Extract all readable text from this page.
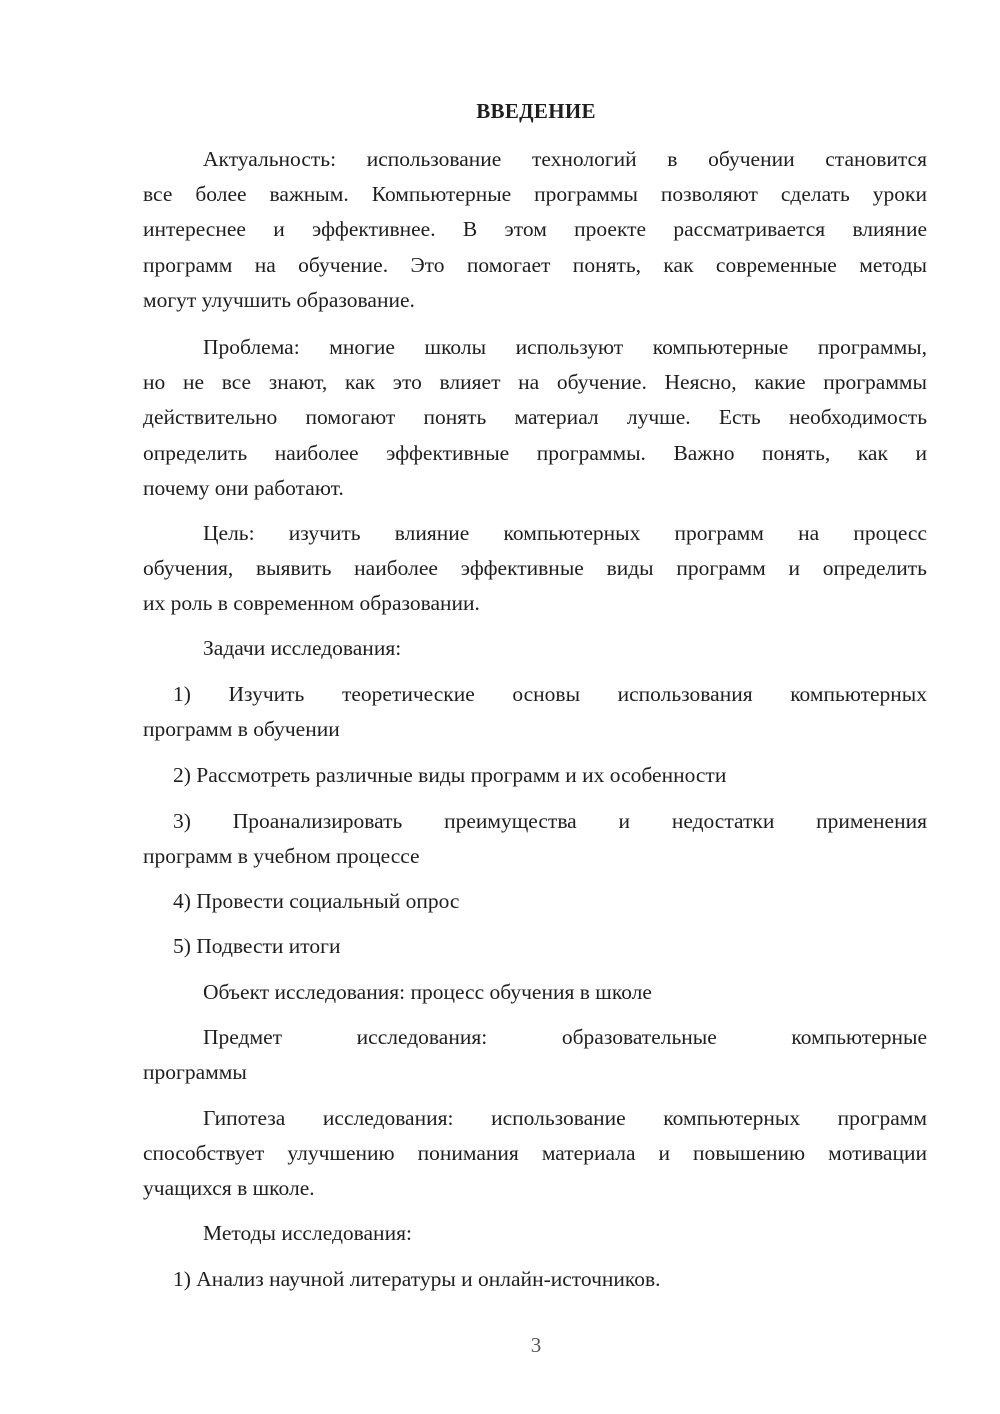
ВВЕДЕНИЕ
Актуальность: использование технологий в обучении становится
все более важным. Компьютерные программы позволяют сделать уроки
интереснее и эффективнее. В этом проекте рассматривается влияние
программ на обучение. Это помогает понять, как современные методы
могут улучшить образование.
Проблема: многие школы используют компьютерные программы,
но не все знают, как это влияет на обучение. Неясно, какие программы
действительно помогают понять материал лучше. Есть необходимость
определить наиболее эффективные программы. Важно понять, как и
почему они работают.
Цель: изучить влияние компьютерных программ на процесс
обучения, выявить наиболее эффективные виды программ и определить
их роль в современном образовании.
Задачи исследования:
1) Изучить теоретические основы использования компьютерных
программ в обучении
2) Рассмотреть различные виды программ и их особенности
3) Проанализировать преимущества и недостатки применения
программ в учебном процессе
4) Провести социальный опрос
5) Подвести итоги
Объект исследования: процесс обучения в школе
Предмет исследования: образовательные компьютерные
программы
Гипотеза исследования: использование компьютерных программ
способствует улучшению понимания материала и повышению мотивации
учащихся в школе.
Методы исследования:
1) Анализ научной литературы и онлайн-источников.
3
